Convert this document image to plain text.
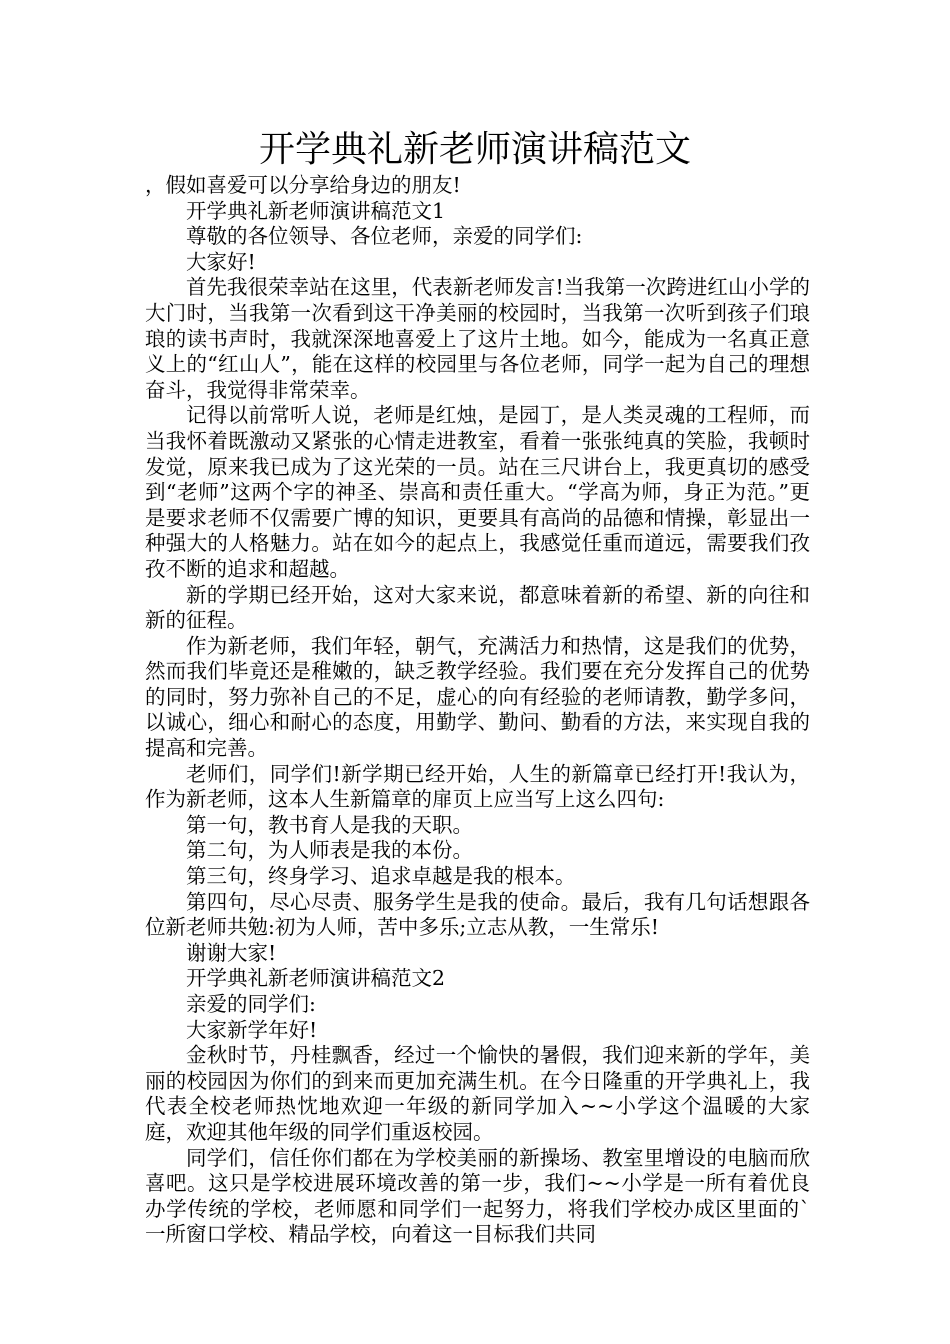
开学典礼新老师演讲稿范文

，假如喜爱可以分享给身边的朋友!

开学典礼新老师演讲稿范文1

尊敬的各位领导、各位老师，亲爱的同学们:

大家好!

首先我很荣幸站在这里，代表新老师发言!当我第一次跨进红山小学的大门时，当我第一次看到这干净美丽的校园时，当我第一次听到孩子们琅琅的读书声时，我就深深地喜爱上了这片土地。如今，能成为一名真正意义上的“红山人”，能在这样的校园里与各位老师，同学一起为自己的理想奋斗，我觉得非常荣幸。

记得以前常听人说，老师是红烛，是园丁，是人类灵魂的工程师，而当我怀着既激动又紧张的心情走进教室，看着一张张纯真的笑脸，我顿时发觉，原来我已成为了这光荣的一员。站在三尺讲台上，我更真切的感受到“老师”这两个字的神圣、崇高和责任重大。“学高为师，身正为范。”更是要求老师不仅需要广博的知识，更要具有高尚的品德和情操，彰显出一种强大的人格魅力。站在如今的起点上，我感觉任重而道远，需要我们孜孜不断的追求和超越。

新的学期已经开始，这对大家来说，都意味着新的希望、新的向往和新的征程。

作为新老师，我们年轻，朝气，充满活力和热情，这是我们的优势，然而我们毕竟还是稚嫩的，缺乏教学经验。我们要在充分发挥自己的优势的同时，努力弥补自己的不足，虚心的向有经验的老师请教，勤学多问，以诚心，细心和耐心的态度，用勤学、勤问、勤看的方法，来实现自我的提高和完善。

老师们，同学们!新学期已经开始，人生的新篇章已经打开!我认为，作为新老师，这本人生新篇章的扉页上应当写上这么四句:

第一句，教书育人是我的天职。

第二句，为人师表是我的本份。

第三句，终身学习、追求卓越是我的根本。

第四句，尽心尽责、服务学生是我的使命。最后，我有几句话想跟各位新老师共勉:初为人师，苦中多乐;立志从教，一生常乐!

谢谢大家!

开学典礼新老师演讲稿范文2

亲爱的同学们:

大家新学年好!

金秋时节，丹桂飘香，经过一个愉快的暑假，我们迎来新的学年，美丽的校园因为你们的到来而更加充满生机。在今日隆重的开学典礼上，我代表全校老师热忱地欢迎一年级的新同学加入~~小学这个温暖的大家庭，欢迎其他年级的同学们重返校园。

同学们，信任你们都在为学校美丽的新操场、教室里增设的电脑而欣喜吧。这只是学校进展环境改善的第一步，我们~~小学是一所有着优良办学传统的学校，老师愿和同学们一起努力，将我们学校办成区里面的`一所窗口学校、精品学校，向着这一目标我们共同
